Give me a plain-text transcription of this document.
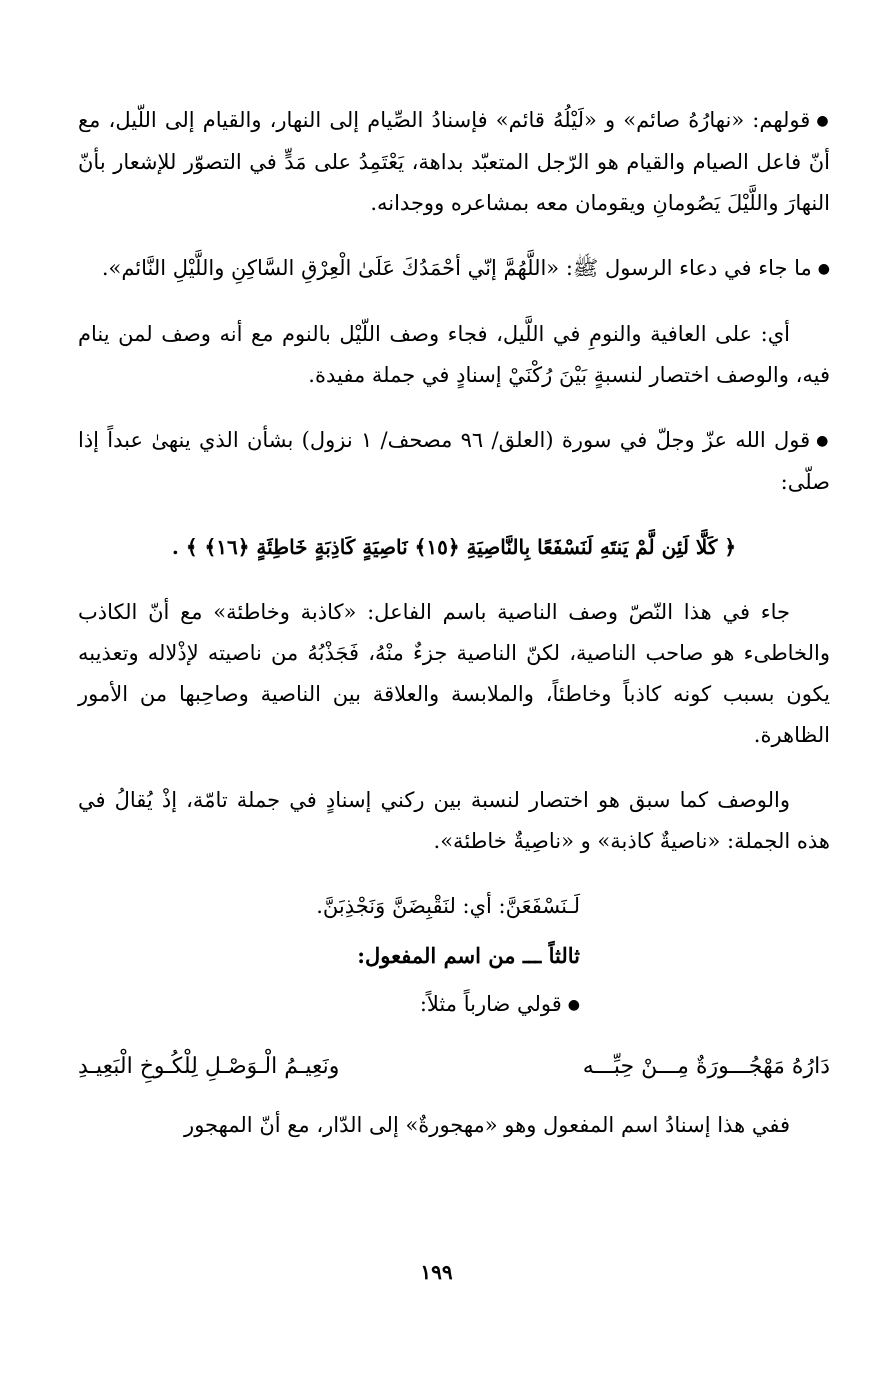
●قولهم: «نهارُهُ صائم» و «لَيْلُهُ قائم» فإسنادُ الصِّيام إلى النهار، والقيام إلى اللّيل، مع أنّ فاعل الصيام والقيام هو الرّجل المتعبّد بداهة، يَعْتَمِدُ على مَدٍّ في التصوّر للإشعار بأنّ النهارَ واللَّيْلَ يَصُومانِ ويقومان معه بمشاعره ووجدانه.

●ما جاء في دعاء الرسول ﷺ: «اللَّهُمَّ إنّي أحْمَدُكَ عَلَىٰ الْعِرْقِ السَّاكِنِ واللَّيْلِ النَّائم».

أي: على العافية والنومِ في اللَّيل، فجاء وصف اللّيْل بالنوم مع أنه وصف لمن ينام فيه، والوصف اختصار لنسبةٍ بَيْنَ رُكْنَيْ إسنادٍ في جملة مفيدة.

●قول الله عزّ وجلّ في سورة (العلق/ ٩٦ مصحف/ ١ نزول) بشأن الذي ينهىٰ عبداً إذا صلّى:

﴿ كَلَّا لَئِن لَّمْ يَنتَهِ لَنَسْفَعًا بِالنَّاصِيَةِ ﴿١٥﴾ نَاصِيَةٍ كَاذِبَةٍ خَاطِئَةٍ ﴿١٦﴾ ﴾ .

جاء في هذا النّصّ وصف الناصية باسم الفاعل: «كاذبة وخاطئة» مع أنّ الكاذب والخاطىء هو صاحب الناصية، لكنّ الناصية جزءٌ منْهُ، فَجَذْبُهُ من ناصيته لإذْلاله وتعذيبه يكون بسبب كونه كاذباً وخاطئاً، والملابسة والعلاقة بين الناصية وصاحِبها من الأمور الظاهرة.

والوصف كما سبق هو اختصار لنسبة بين ركني إسنادٍ في جملة تامّة، إذْ يُقالُ في هذه الجملة: «ناصيةٌ كاذبة» و «ناصِيةٌ خاطئة».

لَـنَسْفَعَنَّ: أي: لنَقْبِضَنَّ وَنَجْذِبَنَّ.

ثالثاً ـــ من اسم المفعول:

●قولي ضارباً مثلاً:

دَارُهُ مَهْجُـــورَةٌ مِـــنْ حِبِّـــه
ونَعِيـمُ الْـوَصْـلِ لِلْكُـوخِ الْبَعِيـدِ

ففي هذا إسنادُ اسم المفعول وهو «مهجورةٌ» إلى الدّار، مع أنّ المهجور

١٩٩
